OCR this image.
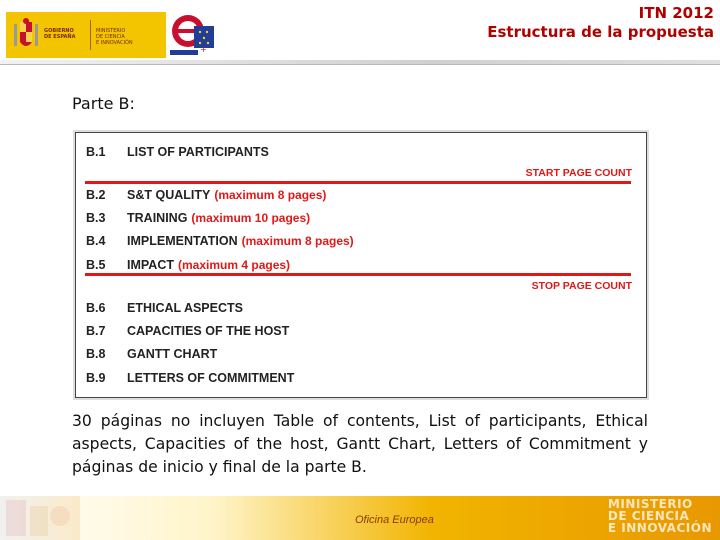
GOBIERNO
DE ESPAÑA
MINISTERIO
DE CIENCIA
E INNOVACIÓN
+
ITN 2012
Estructura de la propuesta
Parte B:
B.1	LIST OF PARTICIPANTS
START PAGE COUNT
B.2	S&T QUALITY (maximum 8 pages)
B.3	TRAINING (maximum 10 pages)
B.4	IMPLEMENTATION (maximum 8 pages)
B.5	IMPACT (maximum 4 pages)
STOP PAGE COUNT
B.6	ETHICAL ASPECTS
B.7	CAPACITIES OF THE HOST
B.8	GANTT CHART
B.9	LETTERS OF COMMITMENT
30 páginas no incluyen Table of contents, List of participants, Ethical aspects, Capacities of the host, Gantt Chart, Letters of Commitment y páginas de inicio y final de la parte B.
MINISTERIO
DE CIENCIA
E INNOVACIÓN
Oficina Europea
